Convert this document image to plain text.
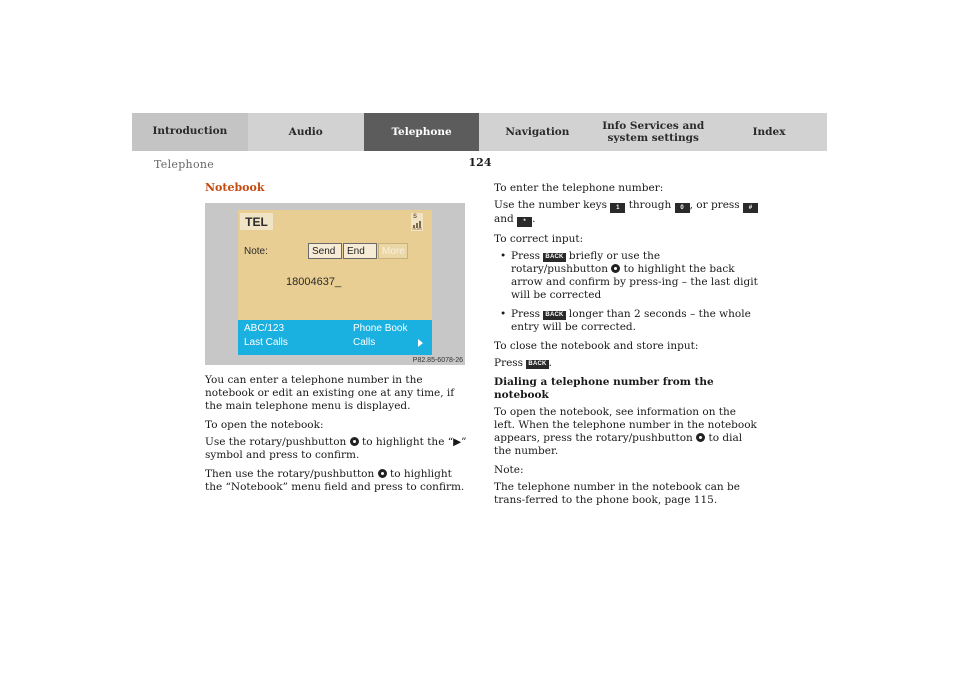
Introduction	Audio	Telephone	Navigation	Info Services and
system settings	Index
124
Telephone
Notebook
TEL	S
ROM
Note:	Send	End	More
18004637_
ABC/123	Phone Book
Last Calls	Calls
P82.85-6078-26

You can enter a telephone number in the notebook or edit an existing one at any time, if the main telephone menu is displayed.

To open the notebook:

Use the rotary/pushbutton to highlight the “▶” symbol and press to confirm.

Then use the rotary/pushbutton to highlight the “Notebook” menu field and press to confirm.

To enter the telephone number:

Use the number keys 1 through 0 , or press #
and * .

To correct input:

• Press BACK briefly or use the rotary/pushbutton to highlight the back arrow and confirm by press-ing – the last digit will be corrected
• Press BACK longer than 2 seconds – the whole entry will be corrected.

To close the notebook and store input:

Press BACK .

Dialing a telephone number from the notebook

To open the notebook, see information on the left. When the telephone number in the notebook appears, press the rotary/pushbutton to dial the number.

Note:

The telephone number in the notebook can be trans-ferred to the phone book, page 115.
